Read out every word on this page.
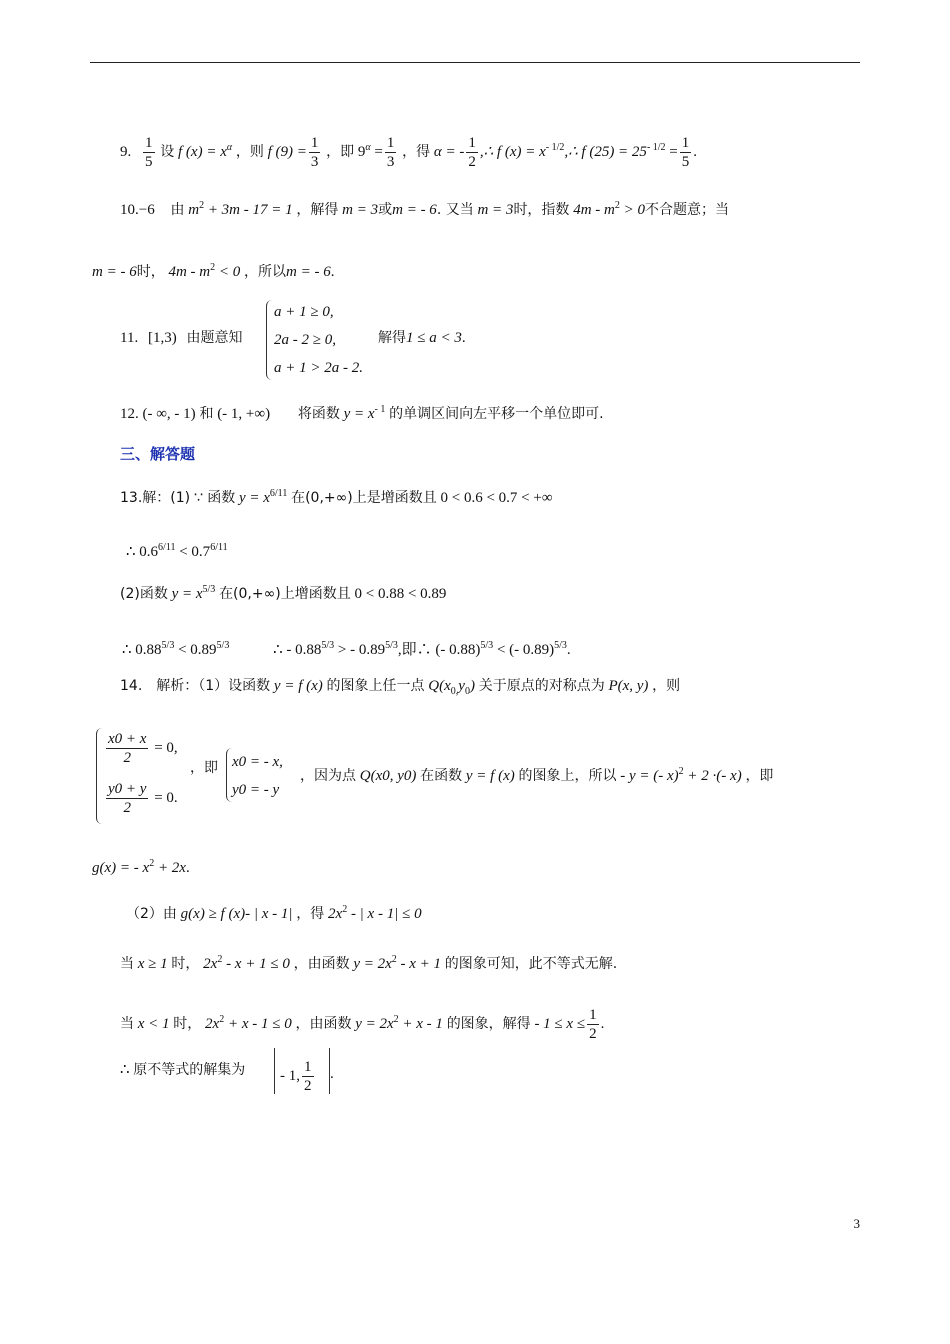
9. $\frac{1}{5}$ 设 f $(x) = x^\alpha$ ，则 f $(9) = \frac{1}{3}$ ，即 $9^\alpha = \frac{1}{3}$ ，得 α = - $\frac{1}{2}$ ,∴ f $(x) = x^{- 1/2},\therefore$ f $(25) = 25^{- 1/2} = \frac{1}{5}$ .
10.−6 由 $m^2 + 3m - 17 = 1$ ，解得 m = 3或m = - 6. 又当 m = 3时，指数 $4m - m^2 > 0$不合题意；当
m = - 6时， $4m - m^2 < 0$ ，所以m = - 6.
11. [1,3) 由题意知
a + 1 ≥ 0,
2a - 2 ≥ 0,
a + 1 > 2a - 2.
解得1 ≤ a < 3.
12. (- ∞, - 1) 和 (- 1, +∞) 将函数 $y = x^{- 1}$ 的单调区间向左平移一个单位即可.
三、解答题
13.解：(1) ∵ 函数 $y = x^{6/11}$ 在(0,+∞)上是增函数且 0 < 0.6 < 0.7 < +∞
∴ $0.6^{6/11} < 0.7^{6/11}$
(2)函数 $y = x^{5/3}$ 在(0,+∞)上增函数且 0 < 0.88 < 0.89
∴ $0.88^{5/3} < 0.89^{5/3}$	∴ - $0.88^{5/3}$ > - $0.89^{5/3}$,即∴ (- 0.88)$^{5/3}$ < (- 0.89)$^{5/3}$.
14.　解析：（1）设函数 y = f (x) 的图象上任一点 $Q(x_{0,}y_0)$ 关于原点的对称点为 P(x, y) ，则
$\frac{x0 + x}{2} = 0$,
$\frac{y0 + y}{2} = 0$.
，即 x0 = - x,
y0 = - y
，因为点 Q(x0, y0) 在函数 y = f (x) 的图象上，所以 - y = (- x)$^2$ + 2 ·(- x) ，即
g(x) = - $x^2 + 2x$.
（2）由 g(x) ≥ f (x)- | x - 1| ，得 $2x^2$ - | x - 1| ≤ 0
当 x ≥ 1 时， $2x^2 - x + 1 \le 0$ ，由函数 $y = 2x^2 - x + 1$ 的图象可知，此不等式无解.
当 x < 1 时， $2x^2 + x - 1 \le 0$ ，由函数 $y = 2x^2 + x - 1$ 的图象，解得 - $1 \le x \le \frac{1}{2}$ .
∴ 原不等式的解集为 - 1, $\frac{1}{2}$ .
3
